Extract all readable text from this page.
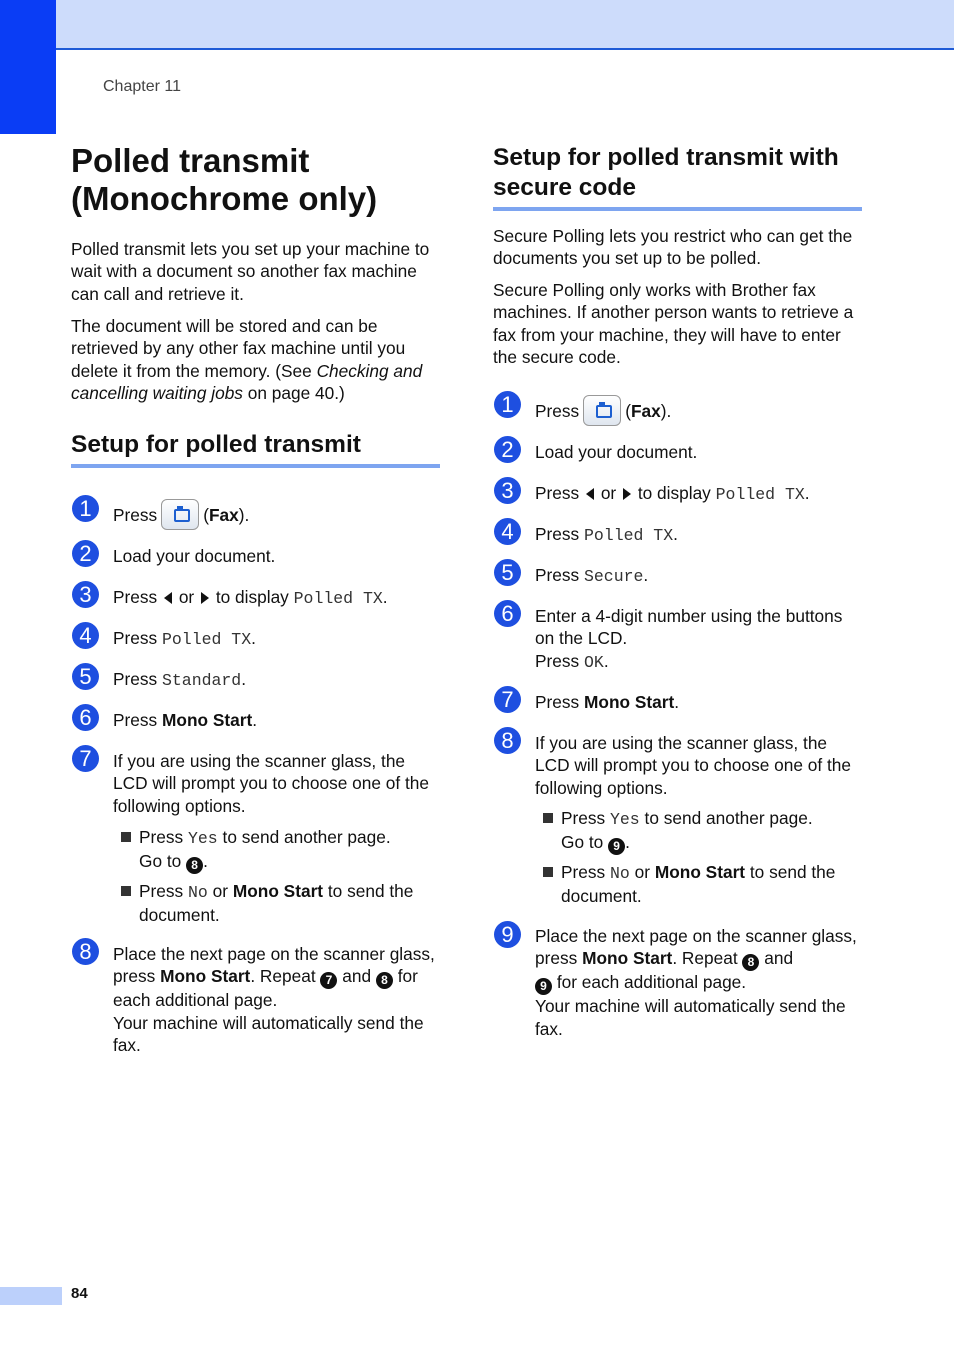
Chapter 11
Polled transmit (Monochrome only)
Polled transmit lets you set up your machine to wait with a document so another fax machine can call and retrieve it.
The document will be stored and can be retrieved by any other fax machine until you delete it from the memory. (See Checking and cancelling waiting jobs on page 40.)
Setup for polled transmit
1
2
3
4
5
6
7
8
Press	(Fax).
Load your document.
Press or to display Polled TX.
Press Polled TX.
Press Standard.
Press Mono Start.
If you are using the scanner glass, the LCD will prompt you to choose one of the following options.
Press Yes to send another page.
Go to 8 .
Press No or Mono Start to send the document.
Place the next page on the scanner glass, press Mono Start. Repeat 7 and 8 for each additional page.
Your machine will automatically send the fax.
Setup for polled transmit with secure code
Secure Polling lets you restrict who can get the documents you set up to be polled.
Secure Polling only works with Brother fax machines. If another person wants to retrieve a fax from your machine, they will have to enter the secure code.
1
2
3
4
5
6
7
8
9
Press	(Fax).
Load your document.
Press or to display Polled TX.
Press Polled TX.
Press Secure.
Enter a 4-digit number using the buttons on the LCD.
Press OK.
Press Mono Start.
If you are using the scanner glass, the LCD will prompt you to choose one of the following options.
Press Yes to send another page.
Go to 9 .
Press No or Mono Start to send the document.
Place the next page on the scanner glass, press Mono Start. Repeat 8 and
9 for each additional page.
Your machine will automatically send the fax.
84
